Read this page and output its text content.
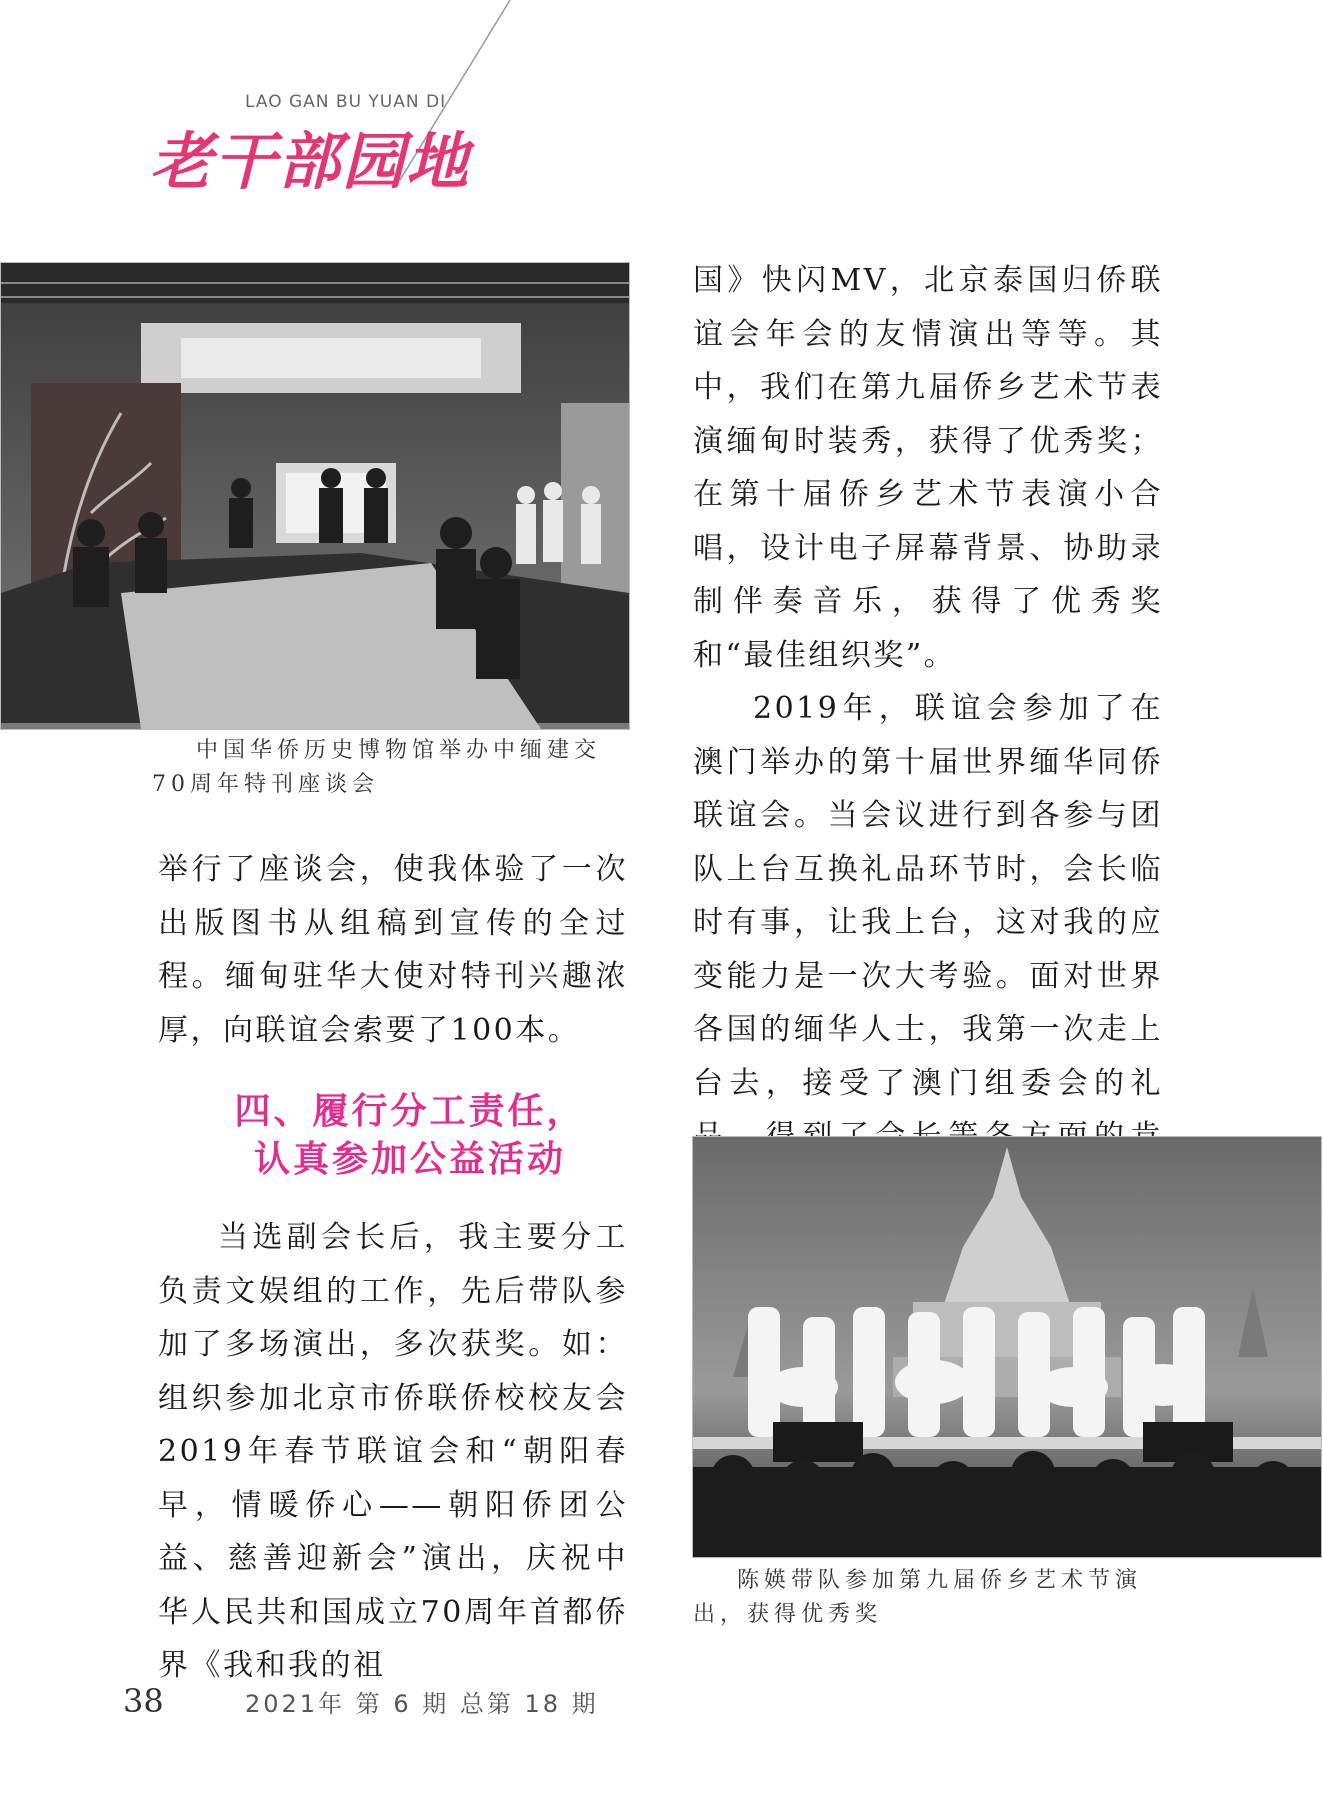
LAO GAN BU YUAN DI
老干部园地
中国华侨历史博物馆举办中缅建交70周年特刊座谈会

举行了座谈会，使我体验了一次出版图书从组稿到宣传的全过程。缅甸驻华大使对特刊兴趣浓厚，向联谊会索要了100本。

四、履行分工责任，
认真参加公益活动

当选副会长后，我主要分工负责文娱组的工作，先后带队参加了多场演出，多次获奖。如：组织参加北京市侨联侨校校友会2019年春节联谊会和“朝阳春早，情暖侨心——朝阳侨团公益、慈善迎新会”演出，庆祝中华人民共和国成立70周年首都侨界《我和我的祖

国》快闪MV，北京泰国归侨联谊会年会的友情演出等等。其中，我们在第九届侨乡艺术节表演缅甸时装秀，获得了优秀奖；在第十届侨乡艺术节表演小合唱，设计电子屏幕背景、协助录制伴奏音乐，获得了优秀奖和“最佳组织奖”。

2019年，联谊会参加了在澳门举办的第十届世界缅华同侨联谊会。当会议进行到各参与团队上台互换礼品环节时，会长临时有事，让我上台，这对我的应变能力是一次大考验。面对世界各国的缅华人士，我第一次走上台去，接受了澳门组委会的礼

陈媖带队参加第九届侨乡艺术节演出，获得优秀奖
38	2021年 第 6 期 总第 18 期
